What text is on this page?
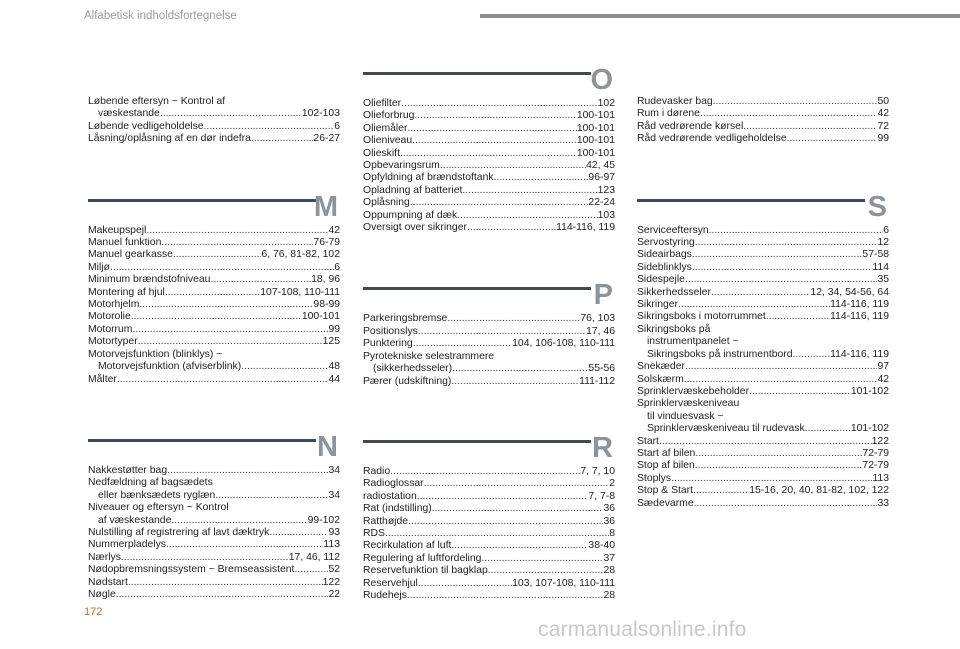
Alfabetisk indholdsfortegnelse
Løbende eftersyn ~ Kontrol af
væskestande .....	102-103
Løbende vedligeholdelse .....	6
Låsning/oplåsning af en dør indefra .....	26-27
M
Makeupspejl .....	42
Manuel funktion .....	76-79
Manuel gearkasse .....	6, 76, 81-82, 102
Miljø .....	6
Minimum brændstofniveau .....	18, 96
Montering af hjul .....	107-108, 110-111
Motorhjelm .....	98-99
Motorolie .....	100-101
Motorrum .....	99
Motortyper .....	125
Motorvejsfunktion (blinklys) ~
Motorvejsfunktion (afviserblink) .....	48
Målter .....	44
N
Nakkestøtter bag .....	34
Nedfældning af bagsædets
eller bænksædets ryglæn .....	34
Niveauer og eftersyn ~ Kontrol
af væskestande .....	99-102
Nulstilling af registrering af lavt dæktryk .....	93
Nummerpladelys .....	113
Nærlys .....	17, 46, 112
Nødopbremsningssystem ~ Bremseassistent .....	52
Nødstart .....	122
Nøgle .....	22
O
Oliefilter .....	102
Olieforbrug .....	100-101
Oliemåler .....	100-101
Olieniveau .....	100-101
Olieskift .....	100-101
Opbevaringsrum .....	42, 45
Opfyldning af brændstoftank .....	96-97
Opladning af batteriet .....	123
Oplåsning .....	22-24
Oppumpning af dæk .....	103
Oversigt over sikringer .....	114-116, 119
P
Parkeringsbremse .....	76, 103
Positionslys .....	17, 46
Punktering .....	104, 106-108, 110-111
Pyrotekniske selestrammere
(sikkerhedsseler) .....	55-56
Pærer (udskiftning) .....	111-112
R
Radio .....	7, 7, 10
Radioglossar .....	2
radiostation .....	7, 7-8
Rat (indstilling) .....	36
Ratthøjde .....	36
RDS .....	8
Recirkulation af luft .....	38-40
Regulering af luftfordeling .....	37
Reservefunktion til bagklap .....	28
Reservehjul .....	103, 107-108, 110-111
Rudehejs .....	28
Rudevasker bag .....	50
Rum i dørene .....	42
Råd vedrørende kørsel .....	72
Råd vedrørende vedligeholdelse .....	99
S
Serviceeftersyn .....	6
Servostyring .....	12
Sideairbags .....	57-58
Sideblinklys .....	114
Sidespejle .....	35
Sikkerhedsseler .....	12, 34, 54-56, 64
Sikringer .....	114-116, 119
Sikringsboks i motorrummet .....	114-116, 119
Sikringsboks på
instrumentpanelet ~
Sikringsboks på instrumentbord .....	114-116, 119
Snekæder .....	97
Solskærm .....	42
Sprinklervæskebeholder .....	101-102
Sprinklervæskeniveau
til vinduesvask ~
Sprinklervæskeniveau til rudevask .....	101-102
Start .....	122
Start af bilen .....	72-79
Stop af bilen .....	72-79
Stoplys .....	113
Stop & Start .....	15-16, 20, 40, 81-82, 102, 122
Sædevarme .....	33
172
carmanualsonline.info
